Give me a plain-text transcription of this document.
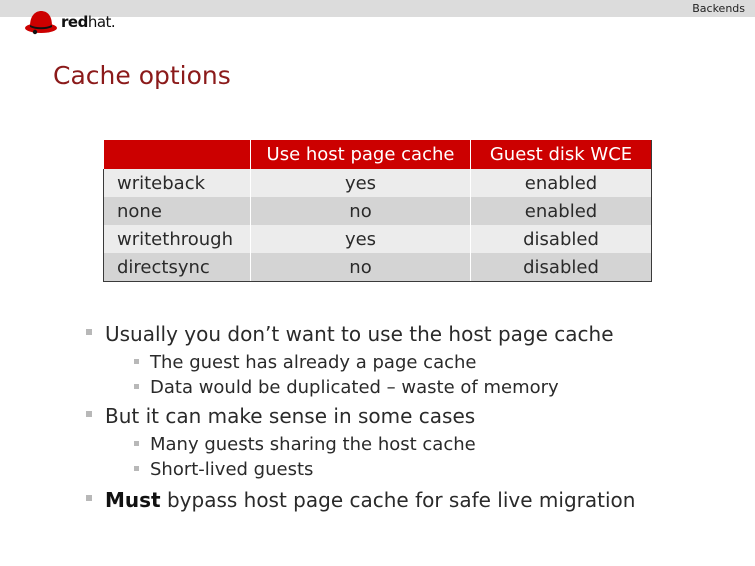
Backends
redhat.
Cache options
	Use host page cache	Guest disk WCE
writeback	yes	enabled
none	no	enabled
writethrough	yes	disabled
directsync	no	disabled
Usually you don’t want to use the host page cache
The guest has already a page cache
Data would be duplicated – waste of memory
But it can make sense in some cases
Many guests sharing the host cache
Short-lived guests
Must bypass host page cache for safe live migration
